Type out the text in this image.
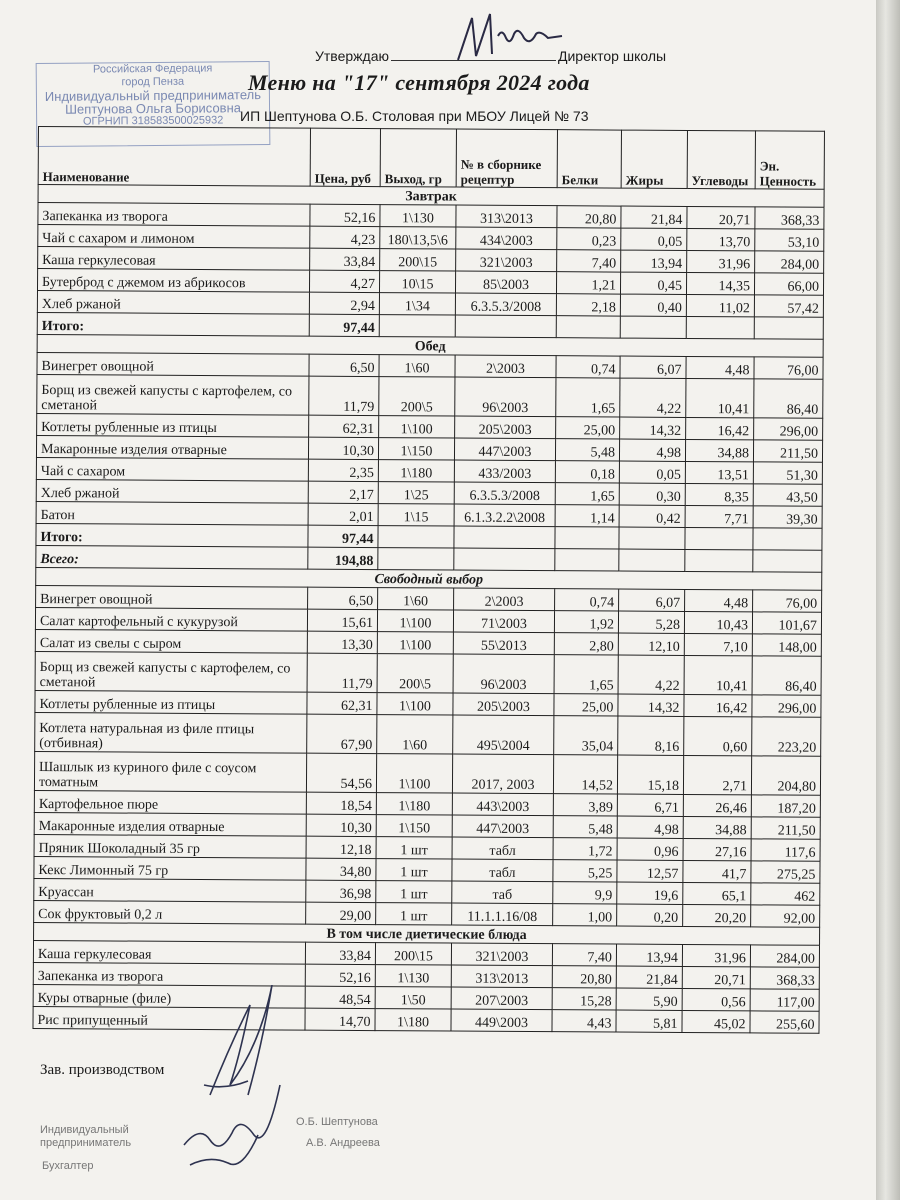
Утверждаю	Директор школы
Российская Федерация
город Пенза
Индивидуальный предприниматель
Шептунова Ольга Борисовна
ОГРНИП 318583500025932
Меню на "17" сентября 2024 года
ИП Шептунова О.Б. Столовая при МБОУ Лицей № 73
Наименование	Цена, руб	Выход, гр	№ в сборнике рецептур	Белки	Жиры	Углеводы	Эн. Ценность
Завтрак							
Запеканка из творога	52,16	1\130	313\2013	20,80	21,84	20,71	368,33
Чай с сахаром и лимоном	4,23	180\13,5\6	434\2003	0,23	0,05	13,70	53,10
Каша геркулесовая	33,84	200\15	321\2003	7,40	13,94	31,96	284,00
Бутерброд с джемом из абрикосов	4,27	10\15	85\2003	1,21	0,45	14,35	66,00
Хлеб ржаной	2,94	1\34	6.3.5.3/2008	2,18	0,40	11,02	57,42
Итого:	97,44						
Обед							
Винегрет овощной	6,50	1\60	2\2003	0,74	6,07	4,48	76,00
Борщ из свежей капусты с картофелем, со сметаной	11,79	200\5	96\2003	1,65	4,22	10,41	86,40
Котлеты рубленные из птицы	62,31	1\100	205\2003	25,00	14,32	16,42	296,00
Макаронные изделия отварные	10,30	1\150	447\2003	5,48	4,98	34,88	211,50
Чай с сахаром	2,35	1\180	433/2003	0,18	0,05	13,51	51,30
Хлеб ржаной	2,17	1\25	6.3.5.3/2008	1,65	0,30	8,35	43,50
Батон	2,01	1\15	6.1.3.2.2\2008	1,14	0,42	7,71	39,30
Итого:	97,44						
Всего:	194,88						
Свободный выбор							
Винегрет овощной	6,50	1\60	2\2003	0,74	6,07	4,48	76,00
Салат картофельный с кукурузой	15,61	1\100	71\2003	1,92	5,28	10,43	101,67
Салат из свелы с сыром	13,30	1\100	55\2013	2,80	12,10	7,10	148,00
Борщ из свежей капусты с картофелем, со сметаной	11,79	200\5	96\2003	1,65	4,22	10,41	86,40
Котлеты рубленные из птицы	62,31	1\100	205\2003	25,00	14,32	16,42	296,00
Котлета натуральная из филе птицы (отбивная)	67,90	1\60	495\2004	35,04	8,16	0,60	223,20
Шашлык из куриного филе с соусом томатным	54,56	1\100	2017, 2003	14,52	15,18	2,71	204,80
Картофельное пюре	18,54	1\180	443\2003	3,89	6,71	26,46	187,20
Макаронные изделия отварные	10,30	1\150	447\2003	5,48	4,98	34,88	211,50
Пряник Шоколадный 35 гр	12,18	1 шт	табл	1,72	0,96	27,16	117,6
Кекс Лимонный 75 гр	34,80	1 шт	табл	5,25	12,57	41,7	275,25
Круассан	36,98	1 шт	таб	9,9	19,6	65,1	462
Сок фруктовый 0,2 л	29,00	1 шт	11.1.1.16/08	1,00	0,20	20,20	92,00
В том числе диетические блюда							
Каша геркулесовая	33,84	200\15	321\2003	7,40	13,94	31,96	284,00
Запеканка из творога	52,16	1\130	313\2013	20,80	21,84	20,71	368,33
Куры отварные (филе)	48,54	1\50	207\2003	15,28	5,90	0,56	117,00
Рис припущенный	14,70	1\180	449\2003	4,43	5,81	45,02	255,60
Зав. производством
Индивидуальный
предприниматель
Бухгалтер
О.Б. Шептунова
А.В. Андреева
